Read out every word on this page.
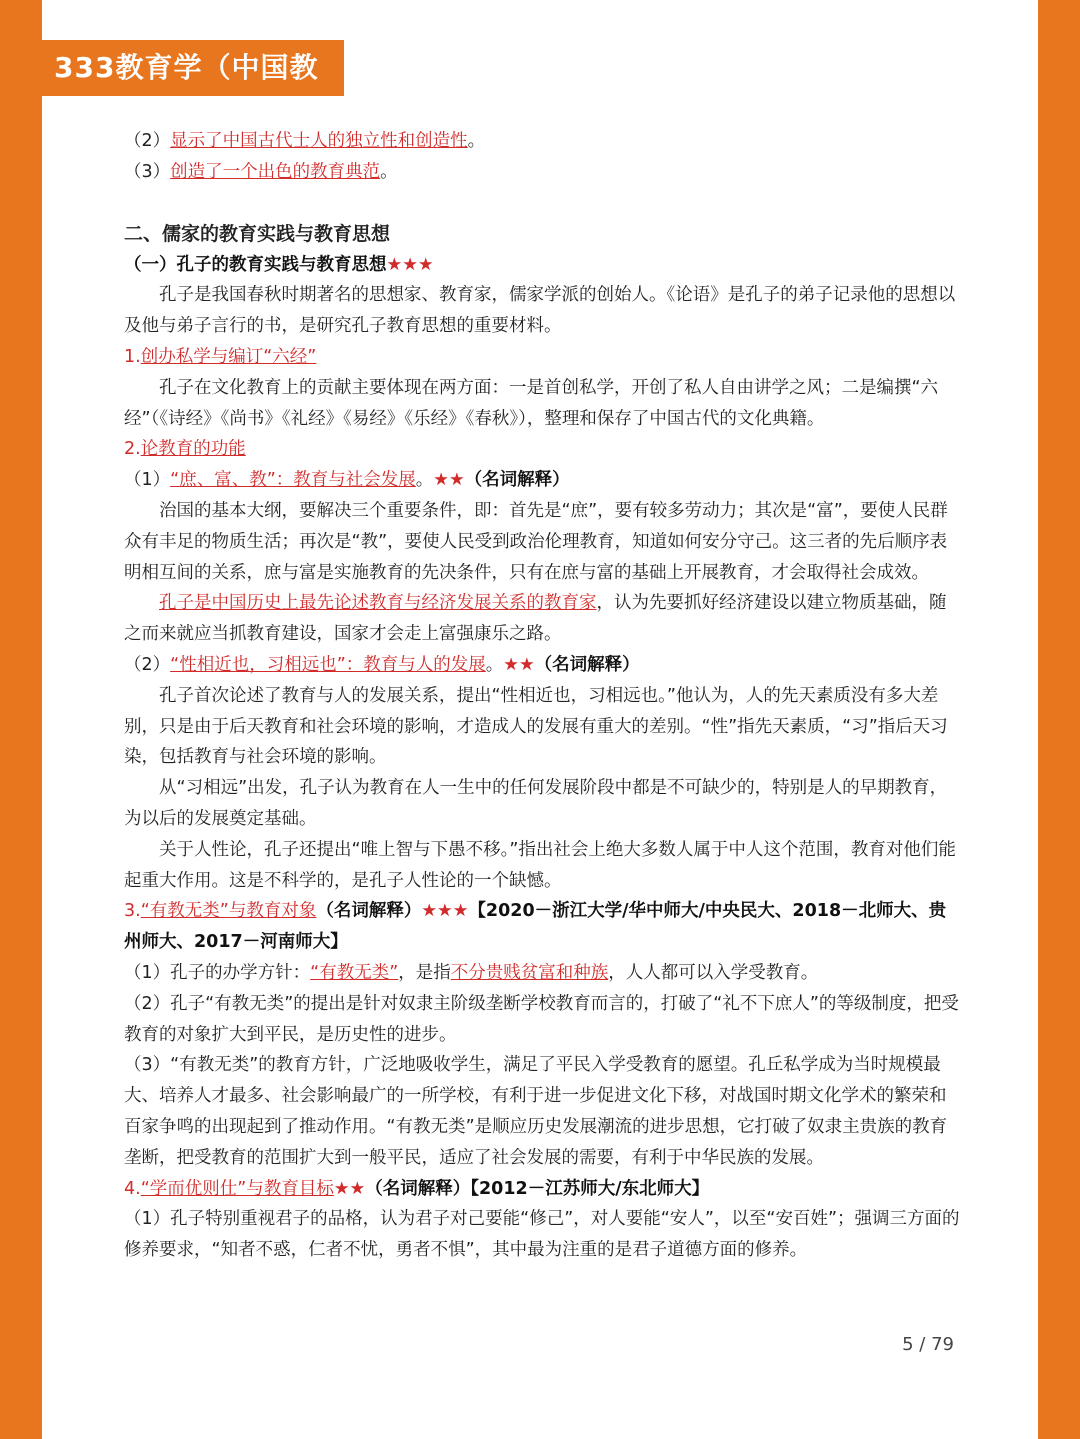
333教育学（中国教育史）

（2）显示了中国古代士人的独立性和创造性。

（3）创造了一个出色的教育典范。

二、儒家的教育实践与教育思想

（一）孔子的教育实践与教育思想★★★

孔子是我国春秋时期著名的思想家、教育家，儒家学派的创始人。《论语》是孔子的弟子记录他的思想以及他与弟子言行的书，是研究孔子教育思想的重要材料。

1.创办私学与编订“六经”

孔子在文化教育上的贡献主要体现在两方面：一是首创私学，开创了私人自由讲学之风；二是编撰“六经”（《诗经》《尚书》《礼经》《易经》《乐经》《春秋》），整理和保存了中国古代的文化典籍。

2.论教育的功能

（1）“庶、富、教”：教育与社会发展。★★（名词解释）

治国的基本大纲，要解决三个重要条件，即：首先是“庶”，要有较多劳动力；其次是“富”，要使人民群众有丰足的物质生活；再次是“教”，要使人民受到政治伦理教育，知道如何安分守己。这三者的先后顺序表明相互间的关系，庶与富是实施教育的先决条件，只有在庶与富的基础上开展教育，才会取得社会成效。

孔子是中国历史上最先论述教育与经济发展关系的教育家，认为先要抓好经济建设以建立物质基础，随之而来就应当抓教育建设，国家才会走上富强康乐之路。

（2）“性相近也，习相远也”：教育与人的发展。★★（名词解释）

孔子首次论述了教育与人的发展关系，提出“性相近也，习相远也。”他认为，人的先天素质没有多大差别，只是由于后天教育和社会环境的影响，才造成人的发展有重大的差别。“性”指先天素质，“习”指后天习染，包括教育与社会环境的影响。

从“习相远”出发，孔子认为教育在人一生中的任何发展阶段中都是不可缺少的，特别是人的早期教育，为以后的发展奠定基础。

关于人性论，孔子还提出“唯上智与下愚不移。”指出社会上绝大多数人属于中人这个范围，教育对他们能起重大作用。这是不科学的，是孔子人性论的一个缺憾。

3.“有教无类”与教育对象（名词解释）★★★【2020－浙江大学/华中师大/中央民大、2018－北师大、贵州师大、2017－河南师大】

（1）孔子的办学方针：“有教无类”，是指不分贵贱贫富和种族，人人都可以入学受教育。

（2）孔子“有教无类”的提出是针对奴隶主阶级垄断学校教育而言的，打破了“礼不下庶人”的等级制度，把受教育的对象扩大到平民，是历史性的进步。

（3）“有教无类”的教育方针，广泛地吸收学生，满足了平民入学受教育的愿望。孔丘私学成为当时规模最大、培养人才最多、社会影响最广的一所学校，有利于进一步促进文化下移，对战国时期文化学术的繁荣和百家争鸣的出现起到了推动作用。“有教无类”是顺应历史发展潮流的进步思想，它打破了奴隶主贵族的教育垄断，把受教育的范围扩大到一般平民，适应了社会发展的需要，有利于中华民族的发展。

4.“学而优则仕”与教育目标★★（名词解释）【2012－江苏师大/东北师大】

（1）孔子特别重视君子的品格，认为君子对己要能“修己”，对人要能“安人”，以至“安百姓”；强调三方面的修养要求，“知者不惑，仁者不忧，勇者不惧”，其中最为注重的是君子道德方面的修养。

5 / 79
